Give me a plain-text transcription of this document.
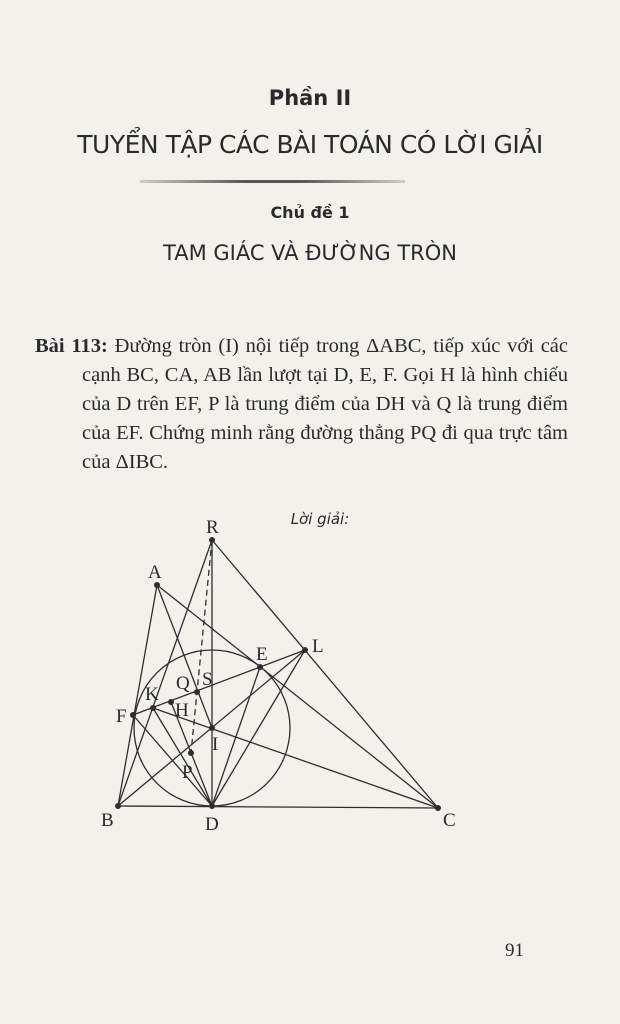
Phần II
TUYỂN TẬP CÁC BÀI TOÁN CÓ LỜI GIẢI
Chủ đề 1
TAM GIÁC VÀ ĐƯỜNG TRÒN
Bài 113: Đường tròn (I) nội tiếp trong ΔABC, tiếp xúc với các cạnh BC, CA, AB lần lượt tại D, E, F. Gọi H là hình chiếu của D trên EF, P là trung điểm của DH và Q là trung điểm của EF. Chứng minh rằng đường thẳng PQ đi qua trực tâm của ΔIBC.
Lời giải:
R
A
L
E
S
Q
K
H
F
I
P
B	D	C
91
